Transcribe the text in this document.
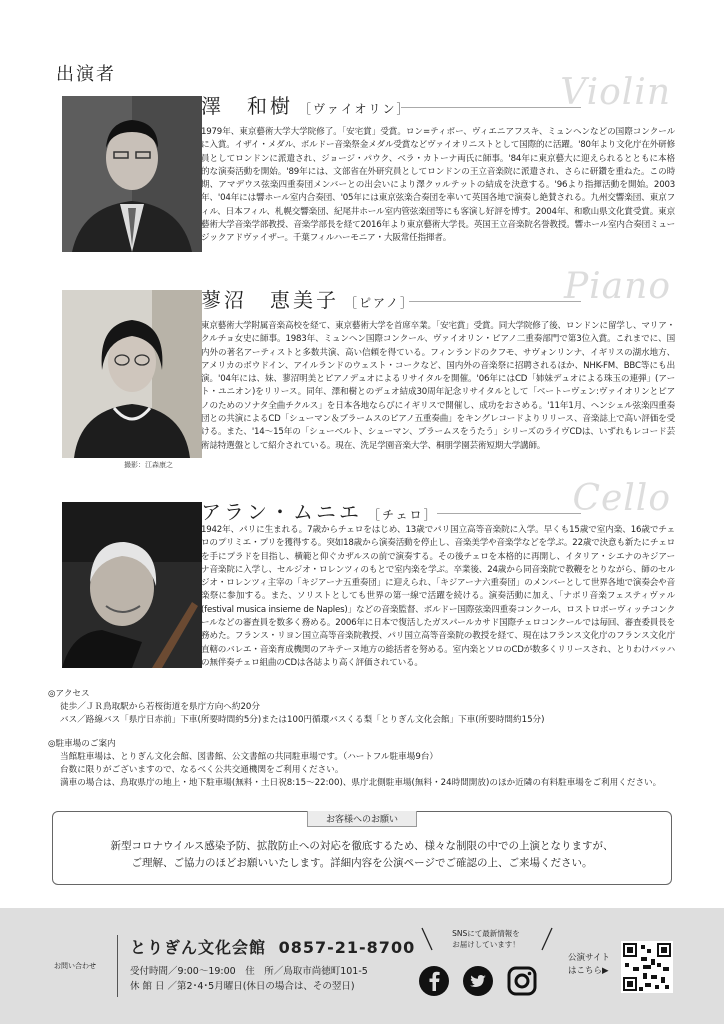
出演者
澤　和樹 ［ヴァイオリン］	Violin
1979年、東京藝術大学大学院修了。「安宅賞」受賞。ロン=ティボー、ヴィエニアフスキ、ミュンヘンなどの国際コンクールに入賞。イザイ・メダル、ボルドー音楽祭金メダル受賞などヴァイオリニストとして国際的に活躍。'80年より文化庁在外研修員としてロンドンに派遣され、ジョージ・パウク、ベラ・カトーナ両氏に師事。'84年に東京藝大に迎えられるとともに本格的な演奏活動を開始。'89年には、文部省在外研究員としてロンドンの王立音楽院に派遣され、さらに研鑽を重ねた。この時期、アマデウス弦楽四重奏団メンバーとの出会いにより澤クヮルテットの結成を決意する。'96より指揮活動を開始。2003年、'04年には響ホール室内合奏団、'05年には東京弦楽合奏団を率いて英国各地で演奏し絶賛される。九州交響楽団、東京フィル、日本フィル、札幌交響楽団、紀尾井ホール室内管弦楽団等にも客演し好評を博す。2004年、和歌山県文化賞受賞。東京藝術大学音楽学部教授、音楽学部長を経て2016年より東京藝術大学長。英国王立音楽院名誉教授。響ホール室内合奏団ミュージックアドヴァイザー。千葉フィルハーモニア・大阪常任指揮者。
撮影：江森康之
蓼沼　恵美子 ［ピアノ］	Piano
東京藝術大学附属音楽高校を経て、東京藝術大学を首席卒業。「安宅賞」受賞。同大学院修了後、ロンドンに留学し、マリア・クルチョ女史に師事。1983年、ミュンヘン国際コンクール、ヴァイオリン・ピアノ二重奏部門で第3位入賞。これまでに、国内外の著名アーティストと多数共演、高い信頼を得ている。フィンランドのクフモ、サヴォンリンナ、イギリスの湖水地方、アメリカのボウドイン、アイルランドのウェスト・コークなど、国内外の音楽祭に招聘されるほか、NHK-FM、BBC等にも出演。'04年には、妹、蓼沼明美とピアノデュオによるリサイタルを開催。'06年にはCD「姉妹デュオによる珠玉の連弾」(アート・ユニオン)をリリース。同年、澤和樹とのデュオ結成30周年記念リサイタルとして「ベートーヴェン:ヴァイオリンとピアノのためのソナタ全曲チクルス」を日本各地ならびにイギリスで開催し、成功をおさめる。'11年1月、ヘンシェル弦楽四重奏団との共演によるCD「シューマン＆ブラームスのピアノ五重奏曲」をキングレコードよりリリース、音楽誌上で高い評価を受ける。また、'14〜15年の「シューベルト、シューマン、ブラームスをうたう」シリーズのライヴCDは、いずれもレコード芸術誌特選盤として紹介されている。現在、洗足学園音楽大学、桐朋学園芸術短期大学講師。
アラン・ムニエ ［チェロ］	Cello
1942年、パリに生まれる。7歳からチェロをはじめ、13歳でパリ国立高等音楽院に入学。早くも15歳で室内楽、16歳でチェロのプリミエ・プリを獲得する。突如18歳から演奏活動を停止し、音楽美学や音楽学などを学ぶ。22歳で決意も新たにチェロを手にプラドを目指し、横範と仰ぐカザルスの前で演奏する。その後チェロを本格的に再開し、イタリア・シエナのキジアーナ音楽院に入学し、セルジオ・ロレンツィのもとで室内楽を学ぶ。卒業後、24歳から同音楽院で教鞭をとりながら、師のセルジオ・ロレンツィ主宰の「キジアーナ五重奏団」に迎えられ、「キジアーナ六重奏団」のメンバーとして世界各地で演奏会や音楽祭に参加する。また、ソリストとしても世界の第一線で活躍を続ける。演奏活動に加え、「ナポリ音楽フェスティヴァル(festival musica insieme de Naples)」などの音楽監督、ボルドー国際弦楽四重奏コンクール、ロストロポーヴィッチコンクールなどの審査員を数多く務める。2006年に日本で復活したガスパールカサド国際チェロコンクールでは毎回、審査委員長を務めた。フランス・リヨン国立高等音楽院教授、パリ国立高等音楽院の教授を経て、現在はフランス文化庁のフランス文化庁直轄のバレエ・音楽育成機関のアキテーヌ地方の総括者を努める。室内楽とソロのCDが数多くリリースされ、とりわけバッハの無伴奏チェロ組曲のCDは各誌より高く評価されている。
◎アクセス
徒歩／ＪＲ鳥取駅から若桜街道を県庁方向へ約20分
バス／路線バス「県庁日赤前」下車(所要時間約5分)または100円循環バスくる梨「とりぎん文化会館」下車(所要時間約15分)
◎駐車場のご案内
当館駐車場は、とりぎん文化会館、図書館、公文書館の共同駐車場です。（ハートフル駐車場9台）
台数に限りがございますので、なるべく公共交通機関をご利用ください。
満車の場合は、鳥取県庁の地上・地下駐車場(無料・土日祝8:15〜22:00)、県庁北側駐車場(無料・24時間開放)のほか近隣の有料駐車場をご利用ください。
お客様へのお願い
新型コロナウイルス感染予防、拡散防止への対応を徹底するため、様々な制限の中での上演となりますが、
ご理解、ご協力のほどお願いいたします。詳細内容を公演ページでご確認の上、ご来場ください。
お問い合わせ
とりぎん文化会館 0857-21-8700
受付時間／9:00〜19:00　住　所／鳥取市尚徳町101-5
休 館 日 ／第2･4･5月曜日(休日の場合は、その翌日)
SNSにて最新情報を
お届けしています！
公演サイト
はこちら▶
